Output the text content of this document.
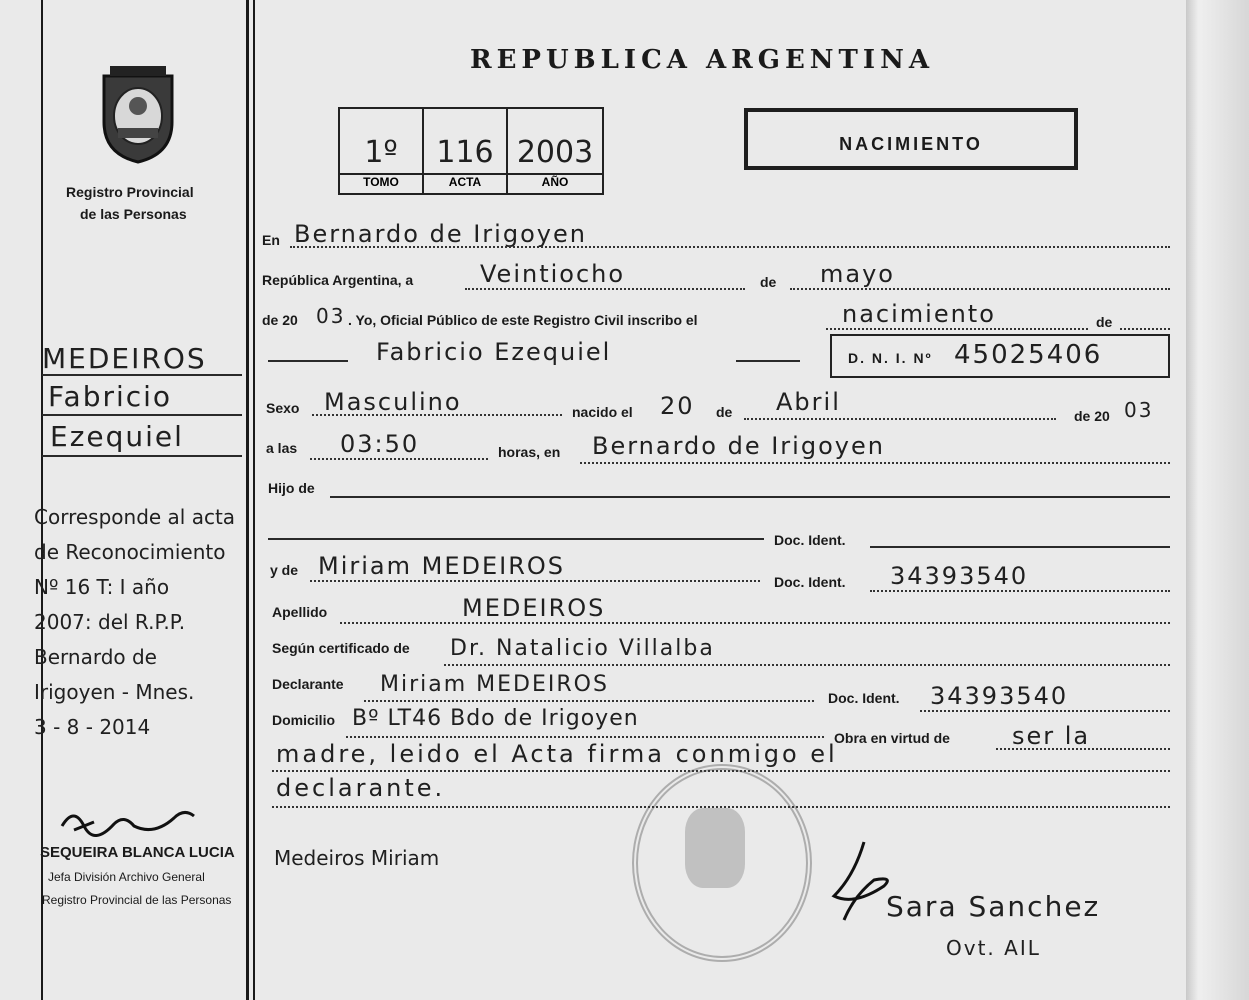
Registro Provincial
de las Personas
MEDEIROS
Fabricio
Ezequiel
Corresponde al acta
de Reconocimiento
Nº 16 T: I año
2007: del R.P.P.
Bernardo de
Irigoyen - Mnes.
3 - 8 - 2014
SEQUEIRA BLANCA LUCIA
Jefa División Archivo General
Registro Provincial de las Personas
REPUBLICA ARGENTINA
1º
TOMO
116
ACTA
2003
AÑO
NACIMIENTO
En Bernardo de Irigoyen
República Argentina, a	Veintiocho	de mayo
de 20 03 . Yo, Oficial Público de este Registro Civil inscribo el	nacimiento	de
Fabricio Ezequiel	D. N. I. Nº 45025406
Sexo Masculino	nacido el 20 de Abril	de 20 03
a las 03:50	horas, en Bernardo de Irigoyen
Hijo de
Doc. Ident.
y de Miriam MEDEIROS
Doc. Ident. 34393540
Apellido	MEDEIROS
Según certificado de Dr. Natalicio Villalba
Declarante Miriam MEDEIROS
Doc. Ident. 34393540
Domicilio Bº LT46 Bdo de Irigoyen
Obra en virtud de	ser la
madre, leido el Acta firma conmigo el
declarante.
Medeiros Miriam
Sara Sanchez
Ovt. AIL
